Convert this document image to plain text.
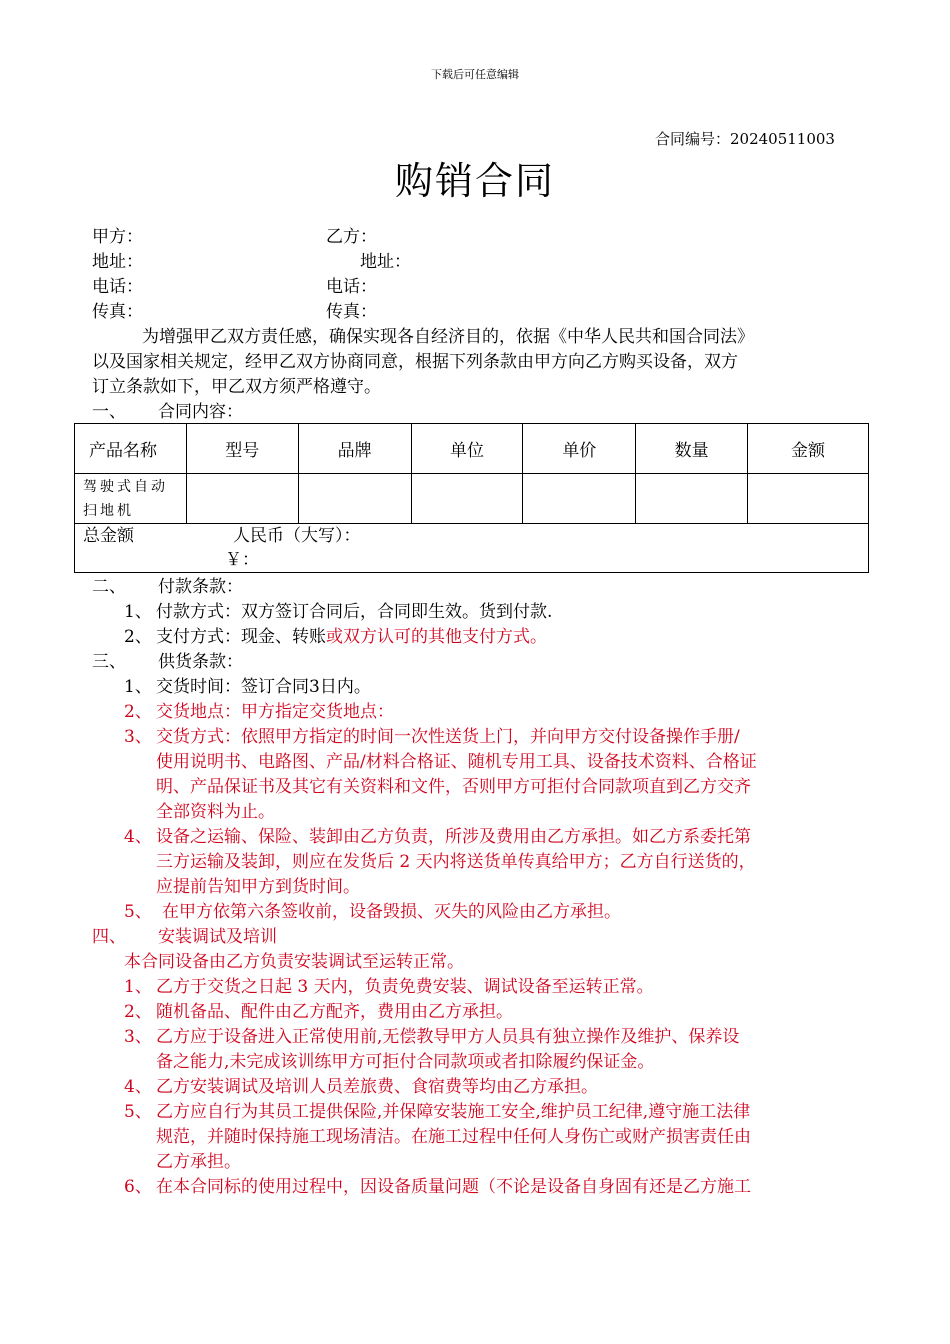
下载后可任意编辑
合同编号：20240511003
购销合同
甲方：	乙方：
地址：	地址：
电话：	电话：
传真：	传真：
为增强甲乙双方责任感，确保实现各自经济目的，依据《中华人民共和国合同法》
以及国家相关规定，经甲乙双方协商同意，根据下列条款由甲方向乙方购买设备，双方
订立条款如下，甲乙双方须严格遵守。
一、 合同内容：
产品名称	型号	品牌	单位	单价	数量	金额

驾驶式自动
扫地机						

总金额 人民币（大写）：
￥：						
二、 付款条款：
1、 付款方式：双方签订合同后，合同即生效。货到付款.
2、 支付方式：现金、转账或双方认可的其他支付方式。
三、 供货条款：
1、 交货时间：签订合同3日内。
2、 交货地点：甲方指定交货地点：
3、 交货方式：依照甲方指定的时间一次性送货上门，并向甲方交付设备操作手册/
使用说明书、电路图、产品/材料合格证、随机专用工具、设备技术资料、合格证
明、产品保证书及其它有关资料和文件，否则甲方可拒付合同款项直到乙方交齐
全部资料为止。
4、 设备之运输、保险、装卸由乙方负责，所涉及费用由乙方承担。如乙方系委托第
三方运输及装卸，则应在发货后 2 天内将送货单传真给甲方；乙方自行送货的，
应提前告知甲方到货时间。
5、 在甲方依第六条签收前，设备毁损、灭失的风险由乙方承担。
四、 安装调试及培训
本合同设备由乙方负责安装调试至运转正常。
1、 乙方于交货之日起 3 天内，负责免费安装、调试设备至运转正常。
2、 随机备品、配件由乙方配齐，费用由乙方承担。
3、 乙方应于设备进入正常使用前,无偿教导甲方人员具有独立操作及维护、保养设
备之能力,未完成该训练甲方可拒付合同款项或者扣除履约保证金。
4、 乙方安装调试及培训人员差旅费、食宿费等均由乙方承担。
5、 乙方应自行为其员工提供保险,并保障安装施工安全,维护员工纪律,遵守施工法律
规范，并随时保持施工现场清洁。在施工过程中任何人身伤亡或财产损害责任由
乙方承担。
6、 在本合同标的使用过程中，因设备质量问题（不论是设备自身固有还是乙方施工
